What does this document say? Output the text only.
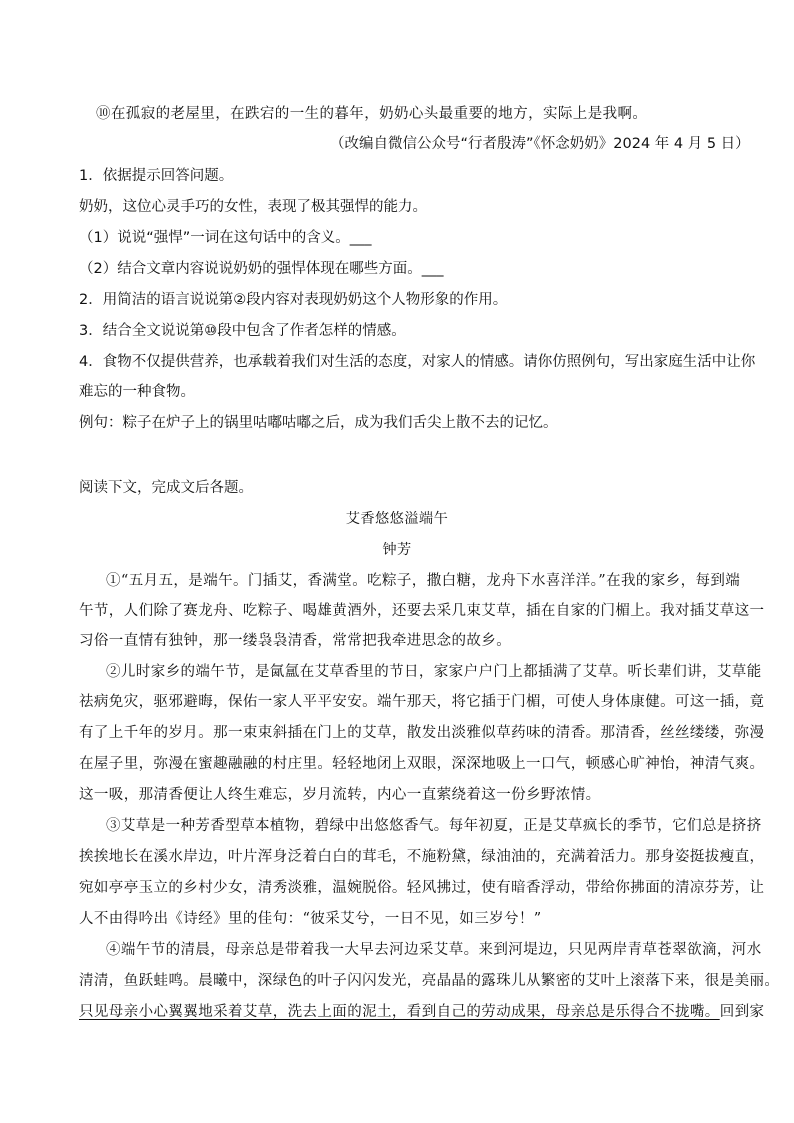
⑩在孤寂的老屋里，在跌宕的一生的暮年，奶奶心头最重要的地方，实际上是我啊。
（改编自微信公众号“行者殷涛”《怀念奶奶》2024 年 4 月 5 日）
1．依据提示回答问题。
奶奶，这位心灵手巧的女性，表现了极其强悍的能力。
（1）说说“强悍”一词在这句话中的含义。___
（2）结合文章内容说说奶奶的强悍体现在哪些方面。___
2．用简洁的语言说说第②段内容对表现奶奶这个人物形象的作用。
3．结合全文说说第⑩段中包含了作者怎样的情感。
4．食物不仅提供营养，也承载着我们对生活的态度，对家人的情感。请你仿照例句，写出家庭生活中让你
难忘的一种食物。
例句：粽子在炉子上的锅里咕嘟咕嘟之后，成为我们舌尖上散不去的记忆。
阅读下文，完成文后各题。
艾香悠悠溢端午
钟芳
①“五月五，是端午。门插艾，香满堂。吃粽子，撒白糖，龙舟下水喜洋洋。”在我的家乡，每到端
午节，人们除了赛龙舟、吃粽子、喝雄黄酒外，还要去采几束艾草，插在自家的门楣上。我对插艾草这一
习俗一直情有独钟，那一缕袅袅清香，常常把我牵进思念的故乡。
②儿时家乡的端午节，是氤氲在艾草香里的节日，家家户户门上都插满了艾草。听长辈们讲，艾草能
祛病免灾，驱邪避晦，保佑一家人平平安安。端午那天，将它插于门楣，可使人身体康健。可这一插，竟
有了上千年的岁月。那一束束斜插在门上的艾草，散发出淡雅似草药味的清香。那清香，丝丝缕缕，弥漫
在屋子里，弥漫在蜜趣融融的村庄里。轻轻地闭上双眼，深深地吸上一口气，顿感心旷神怡，神清气爽。
这一吸，那清香便让人终生难忘，岁月流转，内心一直萦绕着这一份乡野浓情。
③艾草是一种芳香型草本植物，碧绿中出悠悠香气。每年初夏，正是艾草疯长的季节，它们总是挤挤
挨挨地长在溪水岸边，叶片浑身泛着白白的茸毛，不施粉黛，绿油油的，充满着活力。那身姿挺拔瘦直，
宛如亭亭玉立的乡村少女，清秀淡雅，温婉脱俗。轻风拂过，使有暗香浮动，带给你拂面的清凉芬芳，让
人不由得吟出《诗经》里的佳句：“彼采艾兮，一日不见，如三岁兮！”
④端午节的清晨，母亲总是带着我一大早去河边采艾草。来到河堤边，只见两岸青草苍翠欲滴，河水
清清，鱼跃蛙鸣。晨曦中，深绿色的叶子闪闪发光，亮晶晶的露珠儿从繁密的艾叶上滚落下来，很是美丽。
只见母亲小心翼翼地采着艾草，洗去上面的泥土，看到自己的劳动成果，母亲总是乐得合不拢嘴。回到家
